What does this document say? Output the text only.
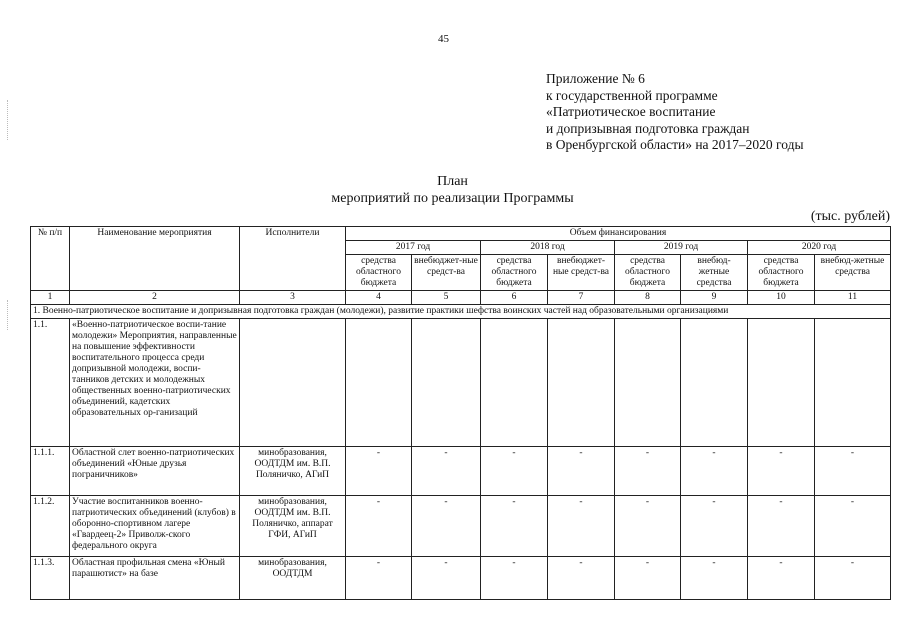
45
Приложение № 6
к государственной программе
«Патриотическое воспитание
и допризывная подготовка граждан
в Оренбургской области» на 2017–2020 годы
План
мероприятий по реализации Программы
(тыс. рублей)
№ п/п	Наименование мероприятия	Исполнители	Объем финансирования							
			2017 год		2018 год		2019 год		2020 год	
			средства областного бюджета	внебюджет-ные средст-ва	средства областного бюджета	внебюджет-ные средст-ва	средства областного бюджета	внебюд-жетные средства	средства областного бюджета	внебюд-жетные средства
1	2	3	4	5	6	7	8	9	10	11
1. Военно-патриотическое воспитание и допризывная подготовка граждан (молодежи), развитие практики шефства воинских частей над образовательными организациями										
1.1.	«Военно-патриотическое воспи-тание молодежи» Мероприятия, направленные на повышение эффективности воспитательного процесса среди допризывной молодежи, воспи-танников детских и молодежных общественных военно-патриотических объединений, кадетских образовательных ор-ганизаций									
1.1.1.	Областной слет военно-патриотических объединений «Юные друзья пограничников»	минобразования, ООДТДМ им. В.П. Поляничко, АГиП	-	-	-	-	-	-	-	-
1.1.2.	Участие воспитанников военно-патриотических объединений (клубов) в оборонно-спортивном лагере «Гвардеец-2» Приволж-ского федерального округа	минобразования, ООДТДМ им. В.П. Поляничко, аппарат ГФИ, АГиП	-	-	-	-	-	-	-	-
1.1.3.	Областная профильная смена «Юный парашютист» на базе	минобразования, ООДТДМ	-	-	-	-	-	-	-	-
